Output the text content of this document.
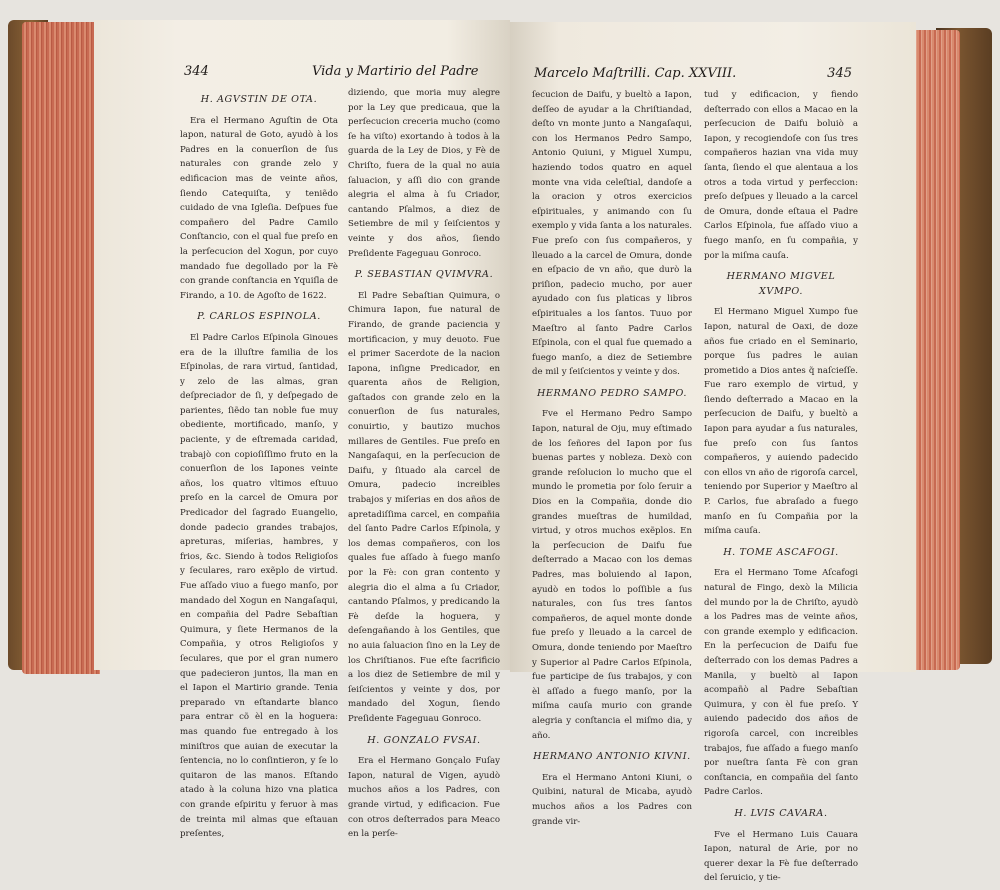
344	Vida y Martirio del Padre
H. AGVSTIN DE OTA.

Era el Hermano Aguſtin de Ota lapon, natural de Goto, ayudò à los Padres en la conuerſion de ſus naturales con grande zelo y edificacion mas de veinte años, ſiendo Catequiſta, y teniẽdo cuidado de vna Igleſia. Deſpues fue compañero del Padre Camilo Conſtancio, con el qual fue preſo en la perſecucion del Xogun, por cuyo mandado fue degollado por la Fè con grande conſtancia en Yquiſla de Firando, a 10. de Agoſto de 1622.

P. CARLOS ESPINOLA.

El Padre Carlos Eſpinola Ginoues era de la illuſtre familia de los Eſpinolas, de rara virtud, ſantidad, y zelo de las almas, gran deſpreciador de ſi, y deſpegado de parientes, ſiẽdo tan noble fue muy obediente, mortificado, manſo, y paciente, y de eſtremada caridad, trabajò con copioſiſſimo fruto en la conuerſion de los Iapones veinte años, los quatro vltimos eſtuuo preſo en la carcel de Omura por Predicador del ſagrado Euangelio, donde padecio grandes trabajos, apreturas, miſerias, hambres, y frios, &c. Siendo à todos Religioſos y ſeculares, raro exẽplo de virtud. Fue aſſado viuo a fuego manſo, por mandado del Xogun en Nangaſaqui, en compañia del Padre Sebaſtian Quimura, y ſiete Hermanos de la Compañia, y otros Religioſos y ſeculares, que por el gran numero que padecieron juntos, lla man en el Iapon el Martirio grande. Tenia preparado vn eſtandarte blanco para entrar cõ èl en la hoguera: mas quando fue entregado à los miniſtros que auian de executar la ſentencia, no lo conſintieron, y ſe lo quitaron de las manos. Eſtando atado à la coluna hizo vna platica con grande eſpiritu y feruor à mas de treinta mil almas que eſtauan preſentes,

diziendo, que moria muy alegre por la Ley que predicaua, que la perſecucion creceria mucho (como ſe ha viſto) exortando à todos à la guarda de la Ley de Dios, y Fè de Chriſto, fuera de la qual no auia ſaluacion, y aſſi dio con grande alegria el alma à ſu Criador, cantando Pſalmos, a diez de Setiembre de mil y ſeiſcientos y veinte y dos años, ſiendo Preſidente Fageguau Gonroco.

P. SEBASTIAN QVIMVRA.

El Padre Sebaſtian Quimura, o Chimura Iapon, fue natural de Firando, de grande paciencia y mortificacion, y muy deuoto. Fue el primer Sacerdote de la nacion Iapona, inſigne Predicador, en quarenta años de Religion, gaſtados con grande zelo en la conuerſion de ſus naturales, conuirtio, y bautizo muchos millares de Gentiles. Fue preſo en Nangaſaqui, en la perſecucion de Daifu, y ſituado ala carcel de Omura, padecio increibles trabajos y miſerias en dos años de apretadiſſima carcel, en compañia del ſanto Padre Carlos Eſpinola, y los demas compañeros, con los quales fue aſſado à fuego manſo por la Fè: con gran contento y alegria dio el alma a ſu Criador, cantando Pſalmos, y predicando la Fè deſde la hoguera, y deſengañando à los Gentiles, que no auia ſaluacion ſino en la Ley de los Chriſtianos. Fue eſte ſacrificio a los diez de Setiembre de mil y ſeiſcientos y veinte y dos, por mandado del Xogun, ſiendo Preſidente Fageguau Gonroco.

H. GONZALO FVSAI.

Era el Hermano Gonçalo Fuſay Iapon, natural de Vigen, ayudò muchos años a los Padres, con grande virtud, y edificacion. Fue con otros deſterrados para Meaco en la perſe-

Marcelo Maſtrilli. Cap. XXVIII.	345

ſecucion de Daifu, y bueltò a Iapon, deſſeo de ayudar a la Chriſtiandad, deſto vn monte junto a Nangaſaqui, con los Hermanos Pedro Sampo, Antonio Quiuni, y Miguel Xumpu, haziendo todos quatro en aquel monte vna vida celeſtial, dandoſe a la oracion y otros exercicios eſpirituales, y animando con ſu exemplo y vida ſanta a los naturales. Fue preſo con ſus compañeros, y lleuado a la carcel de Omura, donde en eſpacio de vn año, que durò la priſion, padecio mucho, por auer ayudado con ſus platicas y libros eſpirituales a los ſantos. Tuuo por Maeſtro al ſanto Padre Carlos Eſpinola, con el qual fue quemado a fuego manſo, a diez de Setiembre de mil y ſeiſcientos y veinte y dos.

HERMANO PEDRO SAMPO.

Fve el Hermano Pedro Sampo Iapon, natural de Oju, muy eſtimado de los ſeñores del Iapon por ſus buenas partes y nobleza. Dexò con grande reſolucion lo mucho que el mundo le prometia por ſolo ſeruir a Dios en la Compañia, donde dio grandes mueſtras de humildad, virtud, y otros muchos exẽplos. En la perſecucion de Daifu fue deſterrado a Macao con los demas Padres, mas boluiendo al Iapon, ayudò en todos lo poſſible a ſus naturales, con ſus tres ſantos compañeros, de aquel monte donde fue preſo y lleuado a la carcel de Omura, donde teniendo por Maeſtro y Superior al Padre Carlos Eſpinola, fue participe de ſus trabajos, y con èl aſſado a fuego manſo, por la miſma cauſa murio con grande alegria y conſtancia el miſmo dia, y año.

HERMANO ANTONIO KIVNI.

Era el Hermano Antoni Kiuni, o Quibini, natural de Micaba, ayudò muchos años a los Padres con grande vir-

tud y edificacion, y fiendo deſterrado con ellos a Macao en la perſecucion de Daifu boluiò a Iapon, y recogiendoſe con ſus tres compañeros hazian vna vida muy ſanta, ſiendo el que alentaua a los otros a toda virtud y perfeccion: preſo deſpues y lleuado a la carcel de Omura, donde eſtaua el Padre Carlos Eſpinola, fue aſſado viuo a fuego manſo, en ſu compañia, y por la miſma cauſa.

HERMANO MIGVEL XVMPO.

El Hermano Miguel Xumpo fue Iapon, natural de Oaxi, de doze años fue criado en el Seminario, porque ſus padres le auian prometido a Dios antes q̃ naſcieſſe. Fue raro exemplo de virtud, y ſiendo deſterrado a Macao en la perſecucion de Daifu, y bueltò a Iapon para ayudar a ſus naturales, fue preſo con ſus ſantos compañeros, y auiendo padecido con ellos vn año de rigoroſa carcel, teniendo por Superior y Maeſtro al P. Carlos, fue abraſado a fuego manſo en ſu Compañia por la miſma cauſa.

H. TOME ASCAFOGI.

Era el Hermano Tome Aſcafogi natural de Fingo, dexò la Milicia del mundo por la de Chriſto, ayudò a los Padres mas de veinte años, con grande exemplo y edificacion. En la perſecucion de Daifu fue deſterrado con los demas Padres a Manila, y bueltò al Iapon acompañò al Padre Sebaſtian Quimura, y con èl fue preſo. Y auiendo padecido dos años de rigoroſa carcel, con increibles trabajos, fue aſſado a fuego manſo por nueſtra ſanta Fè con gran conſtancia, en compañia del ſanto Padre Carlos.

H. LVIS CAVARA.

Fve el Hermano Luis Cauara Iapon, natural de Arie, por no querer dexar la Fè fue deſterrado del ſeruicio, y tie-
